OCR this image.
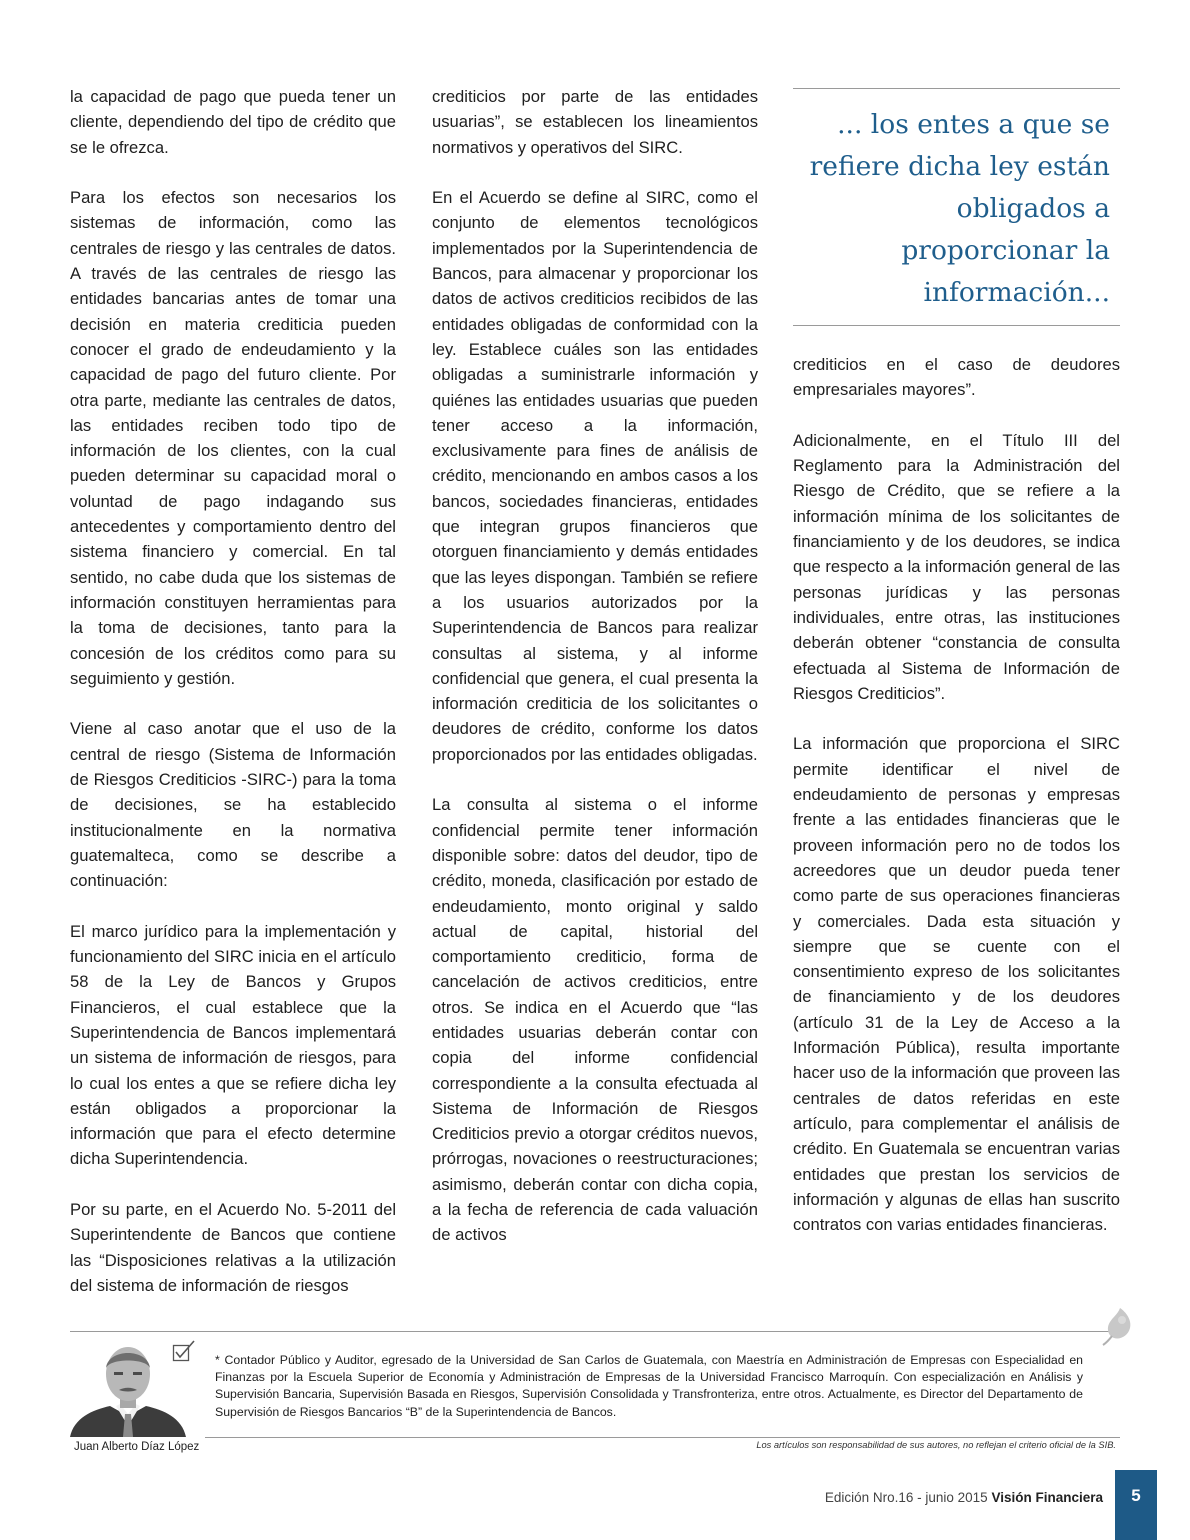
la capacidad de pago que pueda tener un cliente, dependiendo del tipo de crédito que se le ofrezca.

Para los efectos son necesarios los sistemas de información, como las centrales de riesgo y las centrales de datos. A través de las centrales de riesgo las entidades bancarias antes de tomar una decisión en materia crediticia pueden conocer el grado de endeudamiento y la capacidad de pago del futuro cliente. Por otra parte, mediante las centrales de datos, las entidades reciben todo tipo de información de los clientes, con la cual pueden determinar su capacidad moral o voluntad de pago indagando sus antecedentes y comportamiento dentro del sistema financiero y comercial. En tal sentido, no cabe duda que los sistemas de información constituyen herramientas para la toma de decisiones, tanto para la concesión de los créditos como para su seguimiento y gestión.

Viene al caso anotar que el uso de la central de riesgo (Sistema de Información de Riesgos Crediticios -SIRC-) para la toma de decisiones, se ha establecido institucionalmente en la normativa guatemalteca, como se describe a continuación:

El marco jurídico para la implementación y funcionamiento del SIRC inicia en el artículo 58 de la Ley de Bancos y Grupos Financieros, el cual establece que la Superintendencia de Bancos implementará un sistema de información de riesgos, para lo cual los entes a que se refiere dicha ley están obligados a proporcionar la información que para el efecto determine dicha Superintendencia.

Por su parte, en el Acuerdo No. 5-2011 del Superintendente de Bancos que contiene las “Disposiciones relativas a la utilización del sistema de información de riesgos

crediticios por parte de las entidades usuarias”, se establecen los lineamientos normativos y operativos del SIRC.

En el Acuerdo se define al SIRC, como el conjunto de elementos tecnológicos implementados por la Superintendencia de Bancos, para almacenar y proporcionar los datos de activos crediticios recibidos de las entidades obligadas de conformidad con la ley. Establece cuáles son las entidades obligadas a suministrarle información y quiénes las entidades usuarias que pueden tener acceso a la información, exclusivamente para fines de análisis de crédito, mencionando en ambos casos a los bancos, sociedades financieras, entidades que integran grupos financieros que otorguen financiamiento y demás entidades que las leyes dispongan. También se refiere a los usuarios autorizados por la Superintendencia de Bancos para realizar consultas al sistema, y al informe confidencial que genera, el cual presenta la información crediticia de los solicitantes o deudores de crédito, conforme los datos proporcionados por las entidades obligadas.

La consulta al sistema o el informe confidencial permite tener información disponible sobre: datos del deudor, tipo de crédito, moneda, clasificación por estado de endeudamiento, monto original y saldo actual de capital, historial del comportamiento crediticio, forma de cancelación de activos crediticios, entre otros. Se indica en el Acuerdo que “las entidades usuarias deberán contar con copia del informe confidencial correspondiente a la consulta efectuada al Sistema de Información de Riesgos Crediticios previo a otorgar créditos nuevos, prórrogas, novaciones o reestructuraciones; asimismo, deberán contar con dicha copia, a la fecha de referencia de cada valuación de activos

... los entes a que se refiere dicha ley están obligados a proporcionar la información...

crediticios en el caso de deudores empresariales mayores”.

Adicionalmente, en el Título III del Reglamento para la Administración del Riesgo de Crédito, que se refiere a la información mínima de los solicitantes de financiamiento y de los deudores, se indica que respecto a la información general de las personas jurídicas y las personas individuales, entre otras, las instituciones deberán obtener “constancia de consulta efectuada al Sistema de Información de Riesgos Crediticios”.

La información que proporciona el SIRC permite identificar el nivel de endeudamiento de personas y empresas frente a las entidades financieras que le proveen información pero no de todos los acreedores que un deudor pueda tener como parte de sus operaciones financieras y comerciales. Dada esta situación y siempre que se cuente con el consentimiento expreso de los solicitantes de financiamiento y de los deudores (artículo 31 de la Ley de Acceso a la Información Pública), resulta importante hacer uso de la información que proveen las centrales de datos referidas en este artículo, para complementar el análisis de crédito. En Guatemala se encuentran varias entidades que prestan los servicios de información y algunas de ellas han suscrito contratos con varias entidades financieras.

* Contador Público y Auditor, egresado de la Universidad de San Carlos de Guatemala, con Maestría en Administración de Empresas con Especialidad en Finanzas por la Escuela Superior de Economía y Administración de Empresas de la Universidad Francisco Marroquín. Con especialización en Análisis y Supervisión Bancaria, Supervisión Basada en Riesgos, Supervisión Consolidada y Transfronteriza, entre otros. Actualmente, es Director del Departamento de Supervisión de Riesgos Bancarios “B” de la Superintendencia de Bancos.
Juan Alberto Díaz López	Los artículos son responsabilidad de sus autores, no reflejan el criterio oficial de la SIB.
Edición Nro.16 - junio 2015 Visión Financiera	5
